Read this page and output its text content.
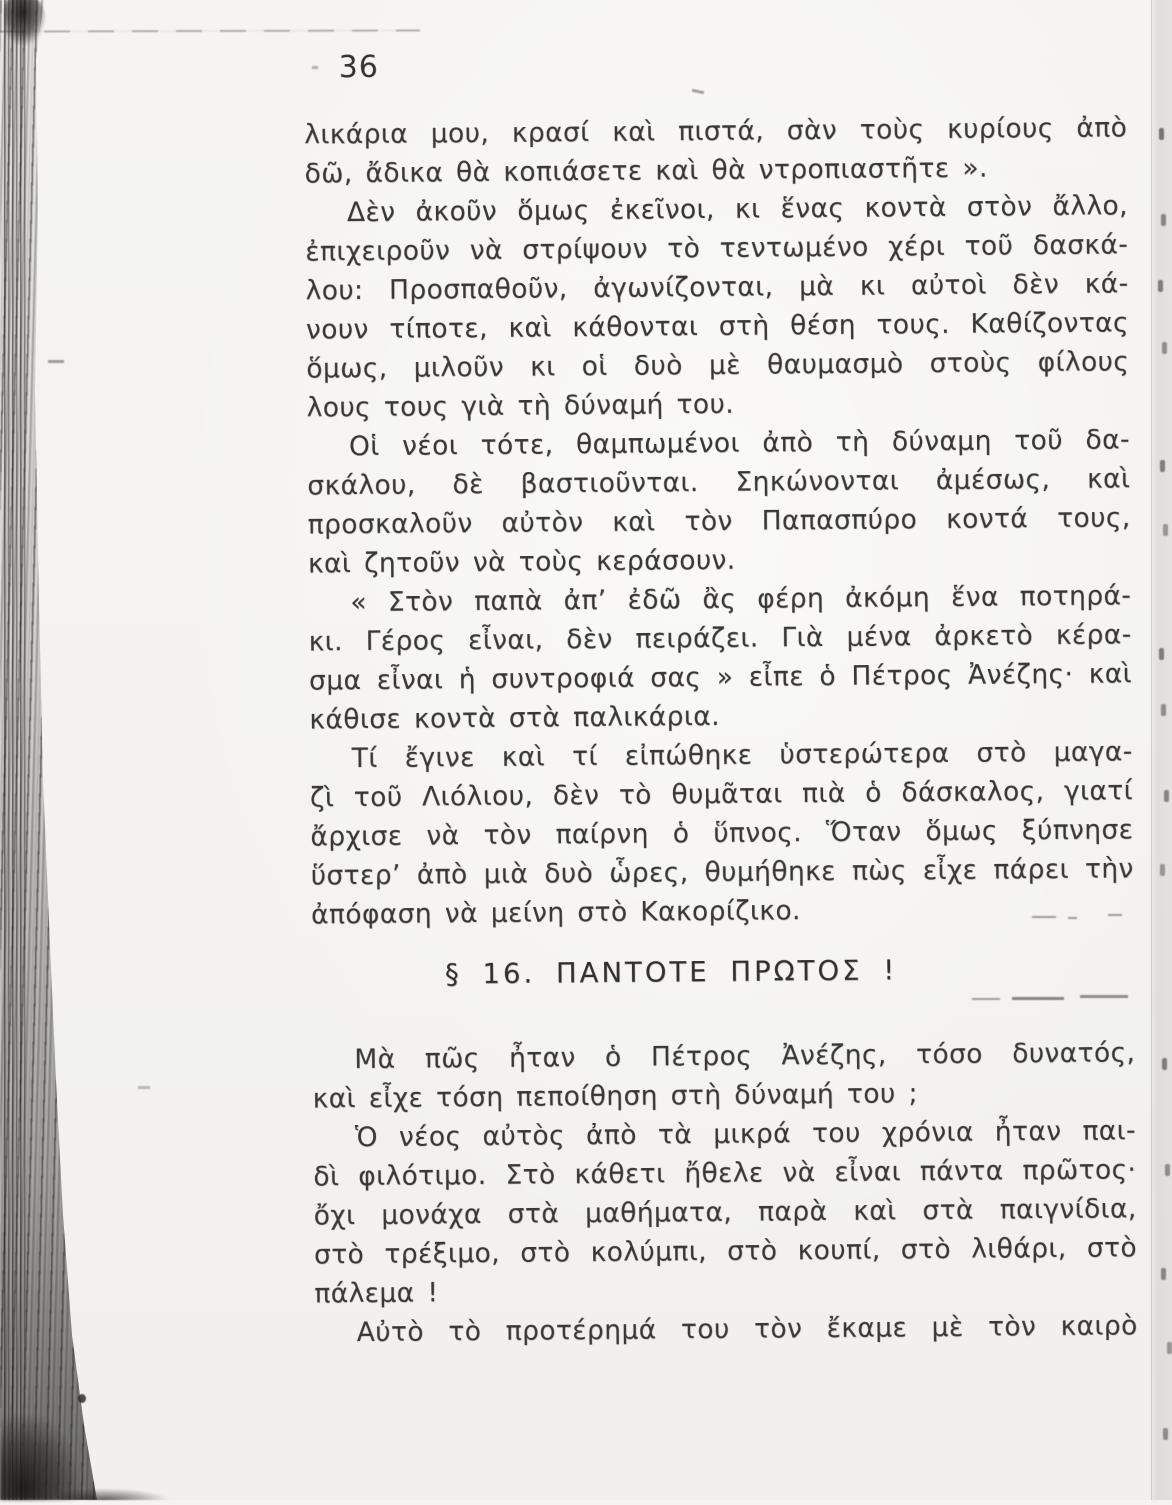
36
λικάρια μου, κρασί καὶ πιστά, σὰν τοὺς κυρίους ἀπὸ
δῶ, ἄδικα θὰ κοπιάσετε καὶ θὰ ντροπιαστῆτε ».
Δὲν ἀκοῦν ὅμως ἐκεῖνοι, κι ἕνας κοντὰ στὸν ἄλλο,
ἐπιχειροῦν νὰ στρίψουν τὸ τεντωμένο χέρι τοῦ δασκά-
λου: Προσπαθοῦν, ἀγωνίζονται, μὰ κι αὐτοὶ δὲν κά-
νουν τίποτε, καὶ κάθονται στὴ θέση τους. Καθίζοντας
ὅμως, μιλοῦν κι οἱ δυὸ μὲ θαυμασμὸ στοὺς φίλους
λους τους γιὰ τὴ δύναμή του.
Οἱ νέοι τότε, θαμπωμένοι ἀπὸ τὴ δύναμη τοῦ δα-
σκάλου, δὲ βαστιοῦνται. Σηκώνονται ἀμέσως, καὶ
προσκαλοῦν αὐτὸν καὶ τὸν Παπασπύρο κοντά τους,
καὶ ζητοῦν νὰ τοὺς κεράσουν.
« Στὸν παπὰ ἀπ’ ἐδῶ ἂς φέρη ἀκόμη ἕνα ποτηρά-
κι. Γέρος εἶναι, δὲν πειράζει. Γιὰ μένα ἀρκετὸ κέρα-
σμα εἶναι ἡ συντροφιά σας » εἶπε ὁ Πέτρος Ἀνέζης· καὶ
κάθισε κοντὰ στὰ παλικάρια.
Τί ἔγινε καὶ τί εἰπώθηκε ὑστερώτερα στὸ μαγα-
ζὶ τοῦ Λιόλιου, δὲν τὸ θυμᾶται πιὰ ὁ δάσκαλος, γιατί
ἄρχισε νὰ τὸν παίρνη ὁ ὕπνος. Ὅταν ὅμως ξύπνησε
ὕστερ’ ἀπὸ μιὰ δυὸ ὧρες, θυμήθηκε πὼς εἶχε πάρει τὴν
ἀπόφαση νὰ μείνη στὸ Κακορίζικο.
§ 16. ΠΑΝΤΟΤΕ ΠΡΩΤΟΣ !
Μὰ πῶς ἦταν ὁ Πέτρος Ἀνέζης, τόσο δυνατός,
καὶ εἶχε τόση πεποίθηση στὴ δύναμή του ;
Ὁ νέος αὐτὸς ἀπὸ τὰ μικρά του χρόνια ἦταν παι-
δὶ φιλότιμο. Στὸ κάθετι ἤθελε νὰ εἶναι πάντα πρῶτος·
ὄχι μονάχα στὰ μαθήματα, παρὰ καὶ στὰ παιγνίδια,
στὸ τρέξιμο, στὸ κολύμπι, στὸ κουπί, στὸ λιθάρι, στὸ
πάλεμα !
Αὐτὸ τὸ προτέρημά του τὸν ἔκαμε μὲ τὸν καιρὸ
